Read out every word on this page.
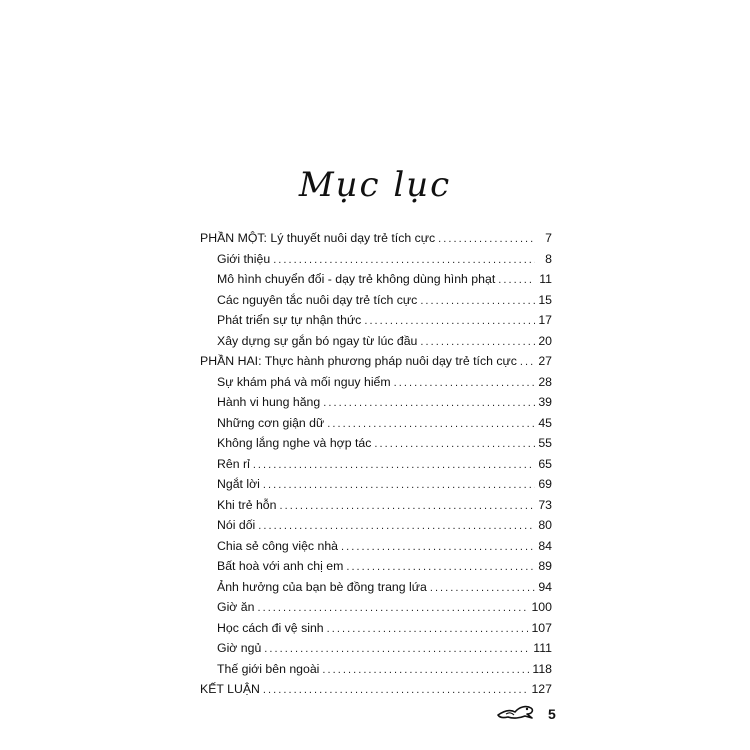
Mục lục
PHẦN MỘT: Lý thuyết nuôi dạy trẻ tích cực . . .	7
Giới thiệu . . .	8
Mô hình chuyển đổi - dạy trẻ không dùng hình phạt . . .	11
Các nguyên tắc nuôi dạy trẻ tích cực . . .	15
Phát triển sự tự nhận thức . . .	17
Xây dựng sự gắn bó ngay từ lúc đầu . . .	20
PHẦN HAI: Thực hành phương pháp nuôi dạy trẻ tích cực . . . 27
Sự khám phá và mối nguy hiểm . . .	28
Hành vi hung hăng . . .	39
Những cơn giận dữ . . .	45
Không lắng nghe và hợp tác . . .	55
Rên rỉ . . .	65
Ngắt lời . . .	69
Khi trẻ hỗn . . .	73
Nói dối . . .	80
Chia sẻ công việc nhà . . .	84
Bất hoà với anh chị em . . .	89
Ảnh hưởng của bạn bè đồng trang lứa . . .	94
Giờ ăn . . .	100
Học cách đi vệ sinh . . .	107
Giờ ngủ . . .	111
Thế giới bên ngoài . . .	118
KẾT LUẬN . . .	127
5
